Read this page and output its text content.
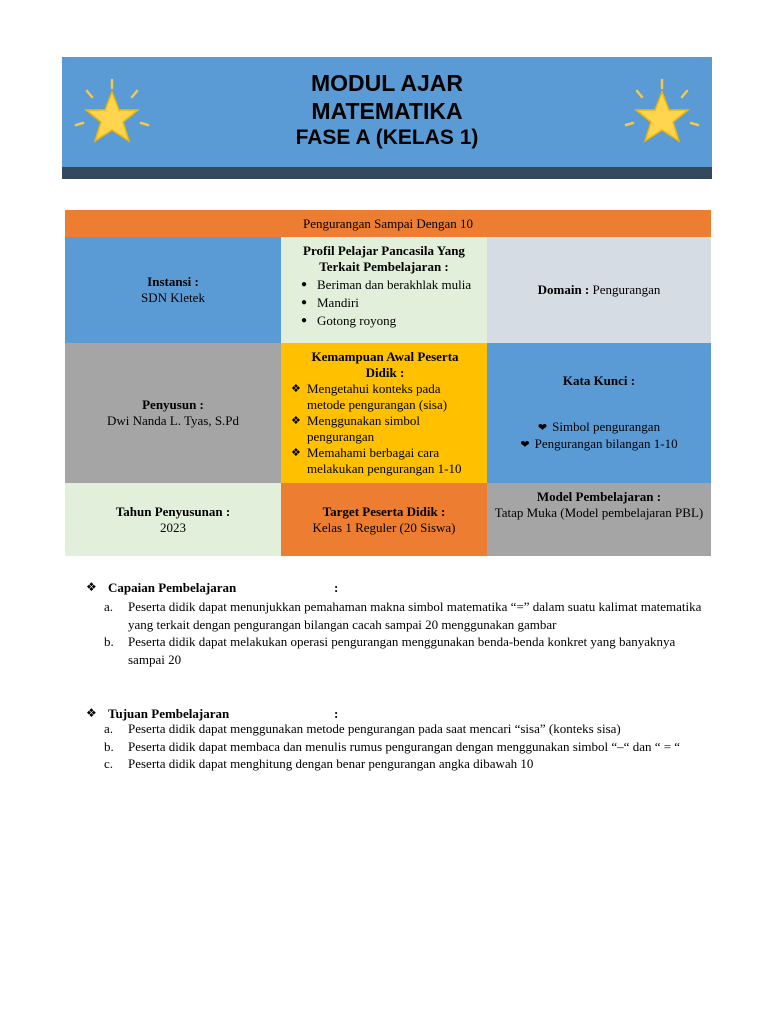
MODUL AJAR
MATEMATIKA
FASE A (KELAS 1)
Pengurangan Sampai Dengan 10
Instansi :
SDN Kletek
Profil Pelajar Pancasila Yang Terkait Pembelajaran :
● Beriman dan berakhlak mulia
● Mandiri
● Gotong royong
Domain : Pengurangan
Penyusun :
Dwi Nanda L. Tyas, S.Pd
Kemampuan Awal Peserta Didik :
❖ Mengetahui konteks pada metode pengurangan (sisa)
❖ Menggunakan simbol pengurangan
❖ Memahami berbagai cara melakukan pengurangan 1-10
Kata Kunci :
❤ Simbol pengurangan
❤ Pengurangan bilangan 1-10
Tahun Penyusunan :
2023
Target Peserta Didik :
Kelas 1 Reguler (20 Siswa)
Model Pembelajaran :
Tatap Muka (Model pembelajaran PBL)
❖ Capaian Pembelajaran	:
a. Peserta didik dapat menunjukkan pemahaman makna simbol matematika “=” dalam suatu kalimat matematika yang terkait dengan pengurangan bilangan cacah sampai 20 menggunakan gambar
b. Peserta didik dapat melakukan operasi pengurangan menggunakan benda-benda konkret yang banyaknya sampai 20
❖ Tujuan Pembelajaran	:
a. Peserta didik dapat menggunakan metode pengurangan pada saat mencari “sisa” (konteks sisa)
b. Peserta didik dapat membaca dan menulis rumus pengurangan dengan menggunakan simbol “–“ dan “ = “
c. Peserta didik dapat menghitung dengan benar pengurangan angka dibawah 10
